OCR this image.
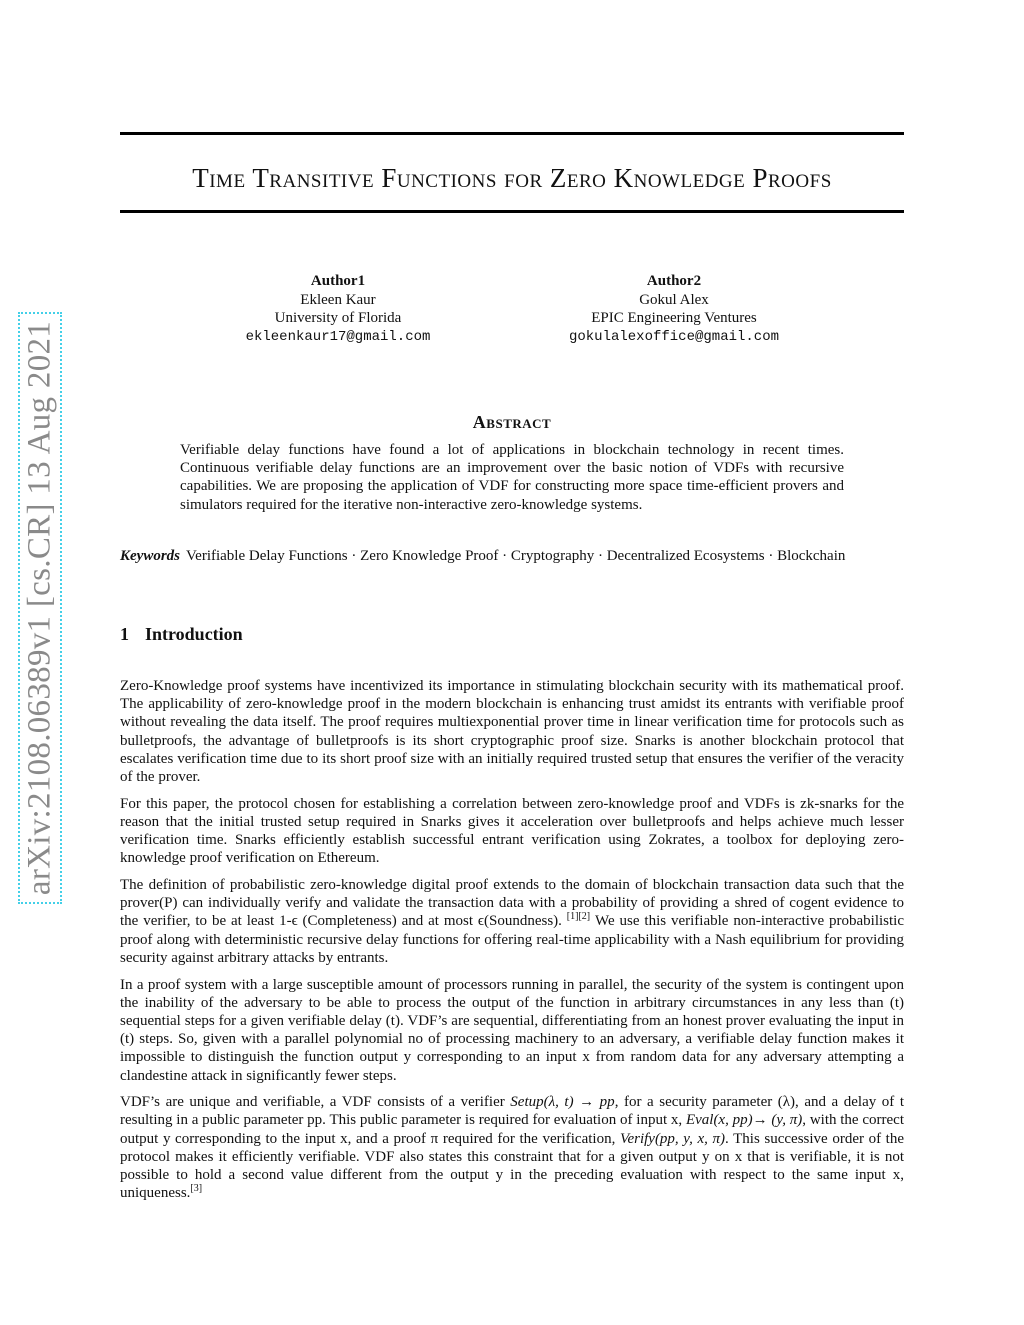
Time Transitive Functions for Zero Knowledge Proofs
arXiv:2108.06389v1 [cs.CR] 13 Aug 2021
Author1
Ekleen Kaur
University of Florida
ekleenkaur17@gmail.com
Author2
Gokul Alex
EPIC Engineering Ventures
gokulalexoffice@gmail.com
Abstract
Verifiable delay functions have found a lot of applications in blockchain technology in recent times. Continuous verifiable delay functions are an improvement over the basic notion of VDFs with recursive capabilities. We are proposing the application of VDF for constructing more space time-efficient provers and simulators required for the iterative non-interactive zero-knowledge systems.
Keywords Verifiable Delay Functions · Zero Knowledge Proof · Cryptography · Decentralized Ecosystems · Blockchain
1 Introduction

Zero-Knowledge proof systems have incentivized its importance in stimulating blockchain security with its mathematical proof. The applicability of zero-knowledge proof in the modern blockchain is enhancing trust amidst its entrants with verifiable proof without revealing the data itself. The proof requires multiexponential prover time in linear verification time for protocols such as bulletproofs, the advantage of bulletproofs is its short cryptographic proof size. Snarks is another blockchain protocol that escalates verification time due to its short proof size with an initially required trusted setup that ensures the verifier of the veracity of the prover.

For this paper, the protocol chosen for establishing a correlation between zero-knowledge proof and VDFs is zk-snarks for the reason that the initial trusted setup required in Snarks gives it acceleration over bulletproofs and helps achieve much lesser verification time. Snarks efficiently establish successful entrant verification using Zokrates, a toolbox for deploying zero-knowledge proof verification on Ethereum.

The definition of probabilistic zero-knowledge digital proof extends to the domain of blockchain transaction data such that the prover(P) can individually verify and validate the transaction data with a probability of providing a shred of cogent evidence to the verifier, to be at least 1-ϵ (Completeness) and at most ϵ(Soundness). [1][2] We use this verifiable non-interactive probabilistic proof along with deterministic recursive delay functions for offering real-time applicability with a Nash equilibrium for providing security against arbitrary attacks by entrants.

In a proof system with a large susceptible amount of processors running in parallel, the security of the system is contingent upon the inability of the adversary to be able to process the output of the function in arbitrary circumstances in any less than (t) sequential steps for a given verifiable delay (t). VDF’s are sequential, differentiating from an honest prover evaluating the input in (t) steps. So, given with a parallel polynomial no of processing machinery to an adversary, a verifiable delay function makes it impossible to distinguish the function output y corresponding to an input x from random data for any adversary attempting a clandestine attack in significantly fewer steps.

VDF’s are unique and verifiable, a VDF consists of a verifier Setup(λ, t) → pp, for a security parameter (λ), and a delay of t resulting in a public parameter pp. This public parameter is required for evaluation of input x, Eval(x, pp)→ (y, π), with the correct output y corresponding to the input x, and a proof π required for the verification, Verify(pp, y, x, π). This successive order of the protocol makes it efficiently verifiable. VDF also states this constraint that for a given output y on x that is verifiable, it is not possible to hold a second value different from the output y in the preceding evaluation with respect to the same input x, uniqueness.[3]
